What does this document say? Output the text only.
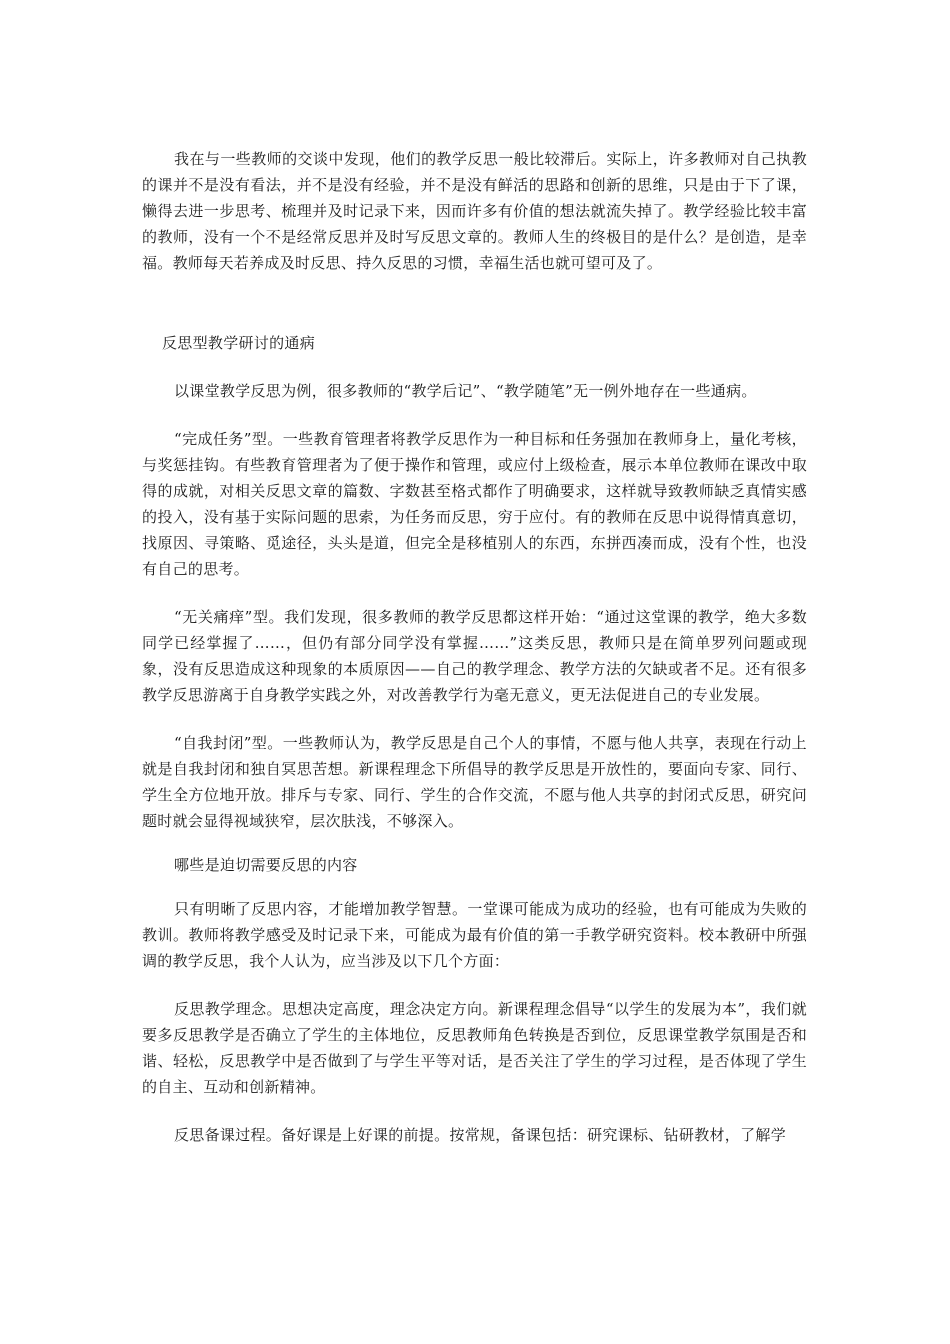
我在与一些教师的交谈中发现，他们的教学反思一般比较滞后。实际上，许多教师对自己执教的课并不是没有看法，并不是没有经验，并不是没有鲜活的思路和创新的思维，只是由于下了课，懒得去进一步思考、梳理并及时记录下来，因而许多有价值的想法就流失掉了。教学经验比较丰富的教师，没有一个不是经常反思并及时写反思文章的。教师人生的终极目的是什么？是创造，是幸福。教师每天若养成及时反思、持久反思的习惯，幸福生活也就可望可及了。

反思型教学研讨的通病

以课堂教学反思为例，很多教师的“教学后记”、“教学随笔”无一例外地存在一些通病。

“完成任务”型。一些教育管理者将教学反思作为一种目标和任务强加在教师身上，量化考核，与奖惩挂钩。有些教育管理者为了便于操作和管理，或应付上级检查，展示本单位教师在课改中取得的成就，对相关反思文章的篇数、字数甚至格式都作了明确要求，这样就导致教师缺乏真情实感的投入，没有基于实际问题的思索，为任务而反思，穷于应付。有的教师在反思中说得情真意切，找原因、寻策略、觅途径，头头是道，但完全是移植别人的东西，东拼西凑而成，没有个性，也没有自己的思考。

“无关痛痒”型。我们发现，很多教师的教学反思都这样开始：“通过这堂课的教学，绝大多数同学已经掌握了……，但仍有部分同学没有掌握……”这类反思，教师只是在简单罗列问题或现象，没有反思造成这种现象的本质原因——自己的教学理念、教学方法的欠缺或者不足。还有很多教学反思游离于自身教学实践之外，对改善教学行为毫无意义，更无法促进自己的专业发展。

“自我封闭”型。一些教师认为，教学反思是自己个人的事情，不愿与他人共享，表现在行动上就是自我封闭和独自冥思苦想。新课程理念下所倡导的教学反思是开放性的，要面向专家、同行、学生全方位地开放。排斥与专家、同行、学生的合作交流，不愿与他人共享的封闭式反思，研究问题时就会显得视域狭窄，层次肤浅，不够深入。

哪些是迫切需要反思的内容

只有明晰了反思内容，才能增加教学智慧。一堂课可能成为成功的经验，也有可能成为失败的教训。教师将教学感受及时记录下来，可能成为最有价值的第一手教学研究资料。校本教研中所强调的教学反思，我个人认为，应当涉及以下几个方面：

反思教学理念。思想决定高度，理念决定方向。新课程理念倡导“以学生的发展为本”，我们就要多反思教学是否确立了学生的主体地位，反思教师角色转换是否到位，反思课堂教学氛围是否和谐、轻松，反思教学中是否做到了与学生平等对话，是否关注了学生的学习过程，是否体现了学生的自主、互动和创新精神。

反思备课过程。备好课是上好课的前提。按常规，备课包括：研究课标、钻研教材，了解学
